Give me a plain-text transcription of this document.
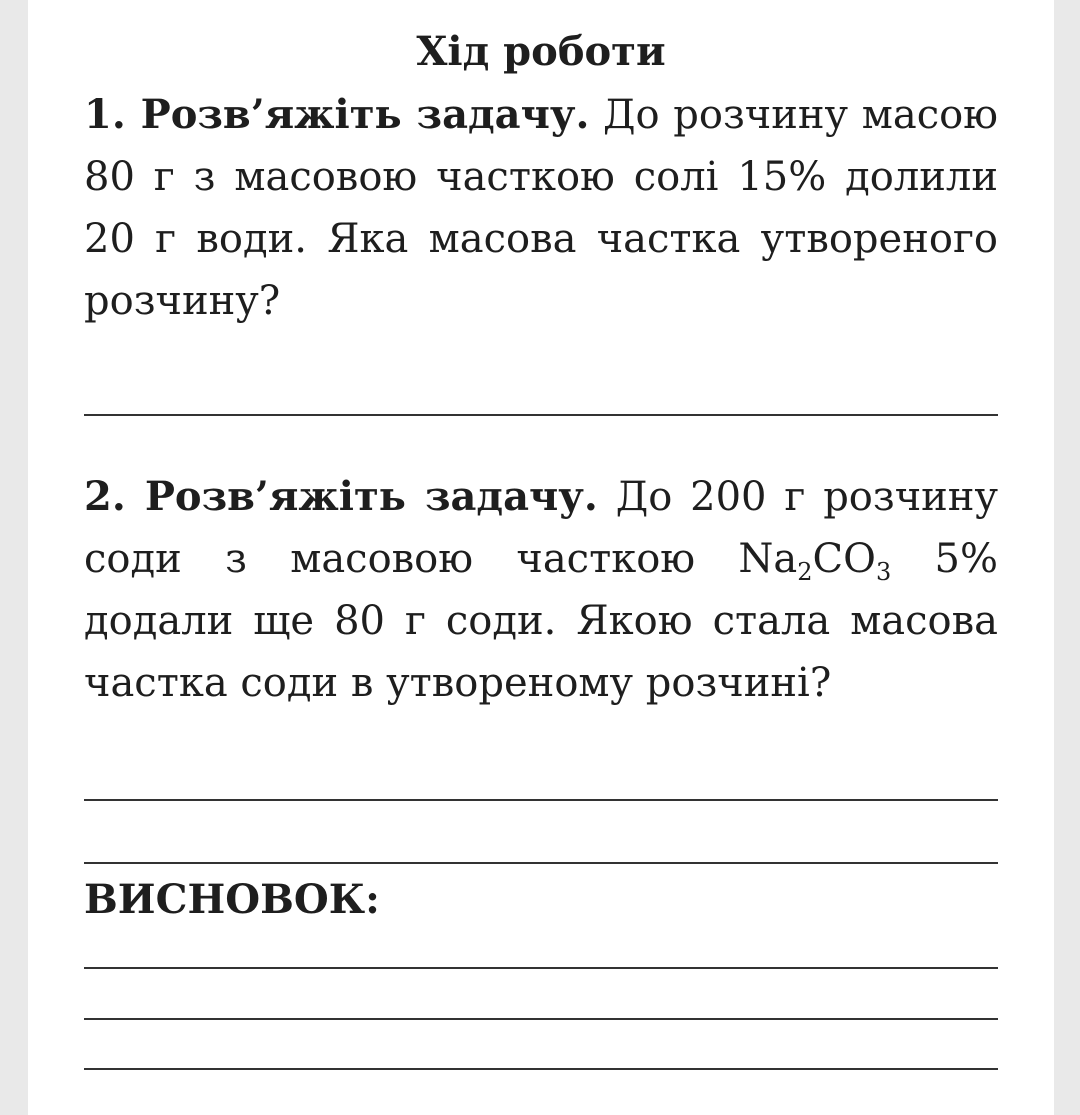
Хід роботи

1. Розв’яжіть задачу. До розчину масою 80 г з масовою часткою солі 15% долили 20 г води. Яка масова частка утвореного розчину?

2. Розв’яжіть задачу. До 200 г розчину соди з масовою часткою $Na_2CO_3$ 5% додали ще 80 г соди. Якою стала масова частка соди в утвореному розчині?

ВИСНОВОК:
